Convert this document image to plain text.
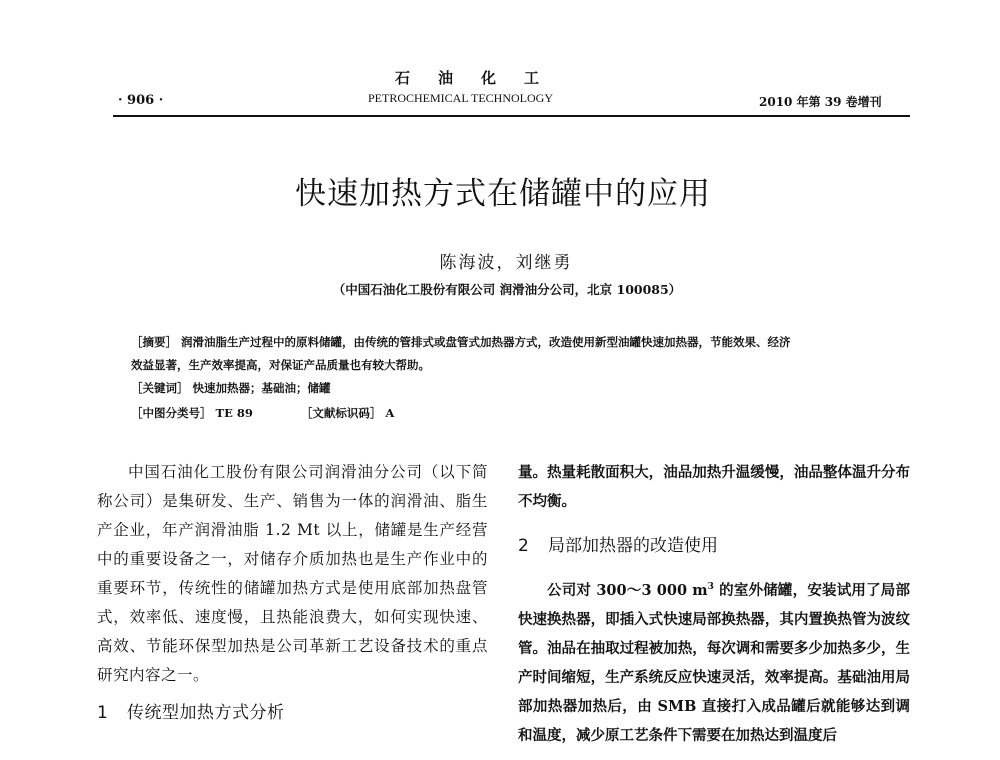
· 906 ·
石油化工
PETROCHEMICAL TECHNOLOGY	2010 年第 39 卷增刊
快速加热方式在储罐中的应用
陈海波，刘继勇
（中国石油化工股份有限公司 润滑油分公司，北京 100085）
［摘要］ 润滑油脂生产过程中的原料储罐，由传统的管排式或盘管式加热器方式，改造使用新型油罐快速加热器，节能效果、经济
效益显著，生产效率提高，对保证产品质量也有较大帮助。
［关键词］ 快速加热器；基础油；储罐
［中图分类号］ TE 89	［文献标识码］ A

中国石油化工股份有限公司润滑油分公司（以下简称公司）是集研发、生产、销售为一体的润滑油、脂生产企业，年产润滑油脂 1.2 Mt 以上，储罐是生产经营中的重要设备之一，对储存介质加热也是生产作业中的重要环节，传统性的储罐加热方式是使用底部加热盘管式，效率低、速度慢，且热能浪费大，如何实现快速、高效、节能环保型加热是公司革新工艺设备技术的重点研究内容之一。

1 传统型加热方式分析

量。热量耗散面积大，油品加热升温缓慢，油品整体温升分布不均衡。

2 局部加热器的改造使用

公司对 300～3 000 $m^3$ 的室外储罐，安装试用了局部快速换热器，即插入式快速局部换热器，其内置换热管为波纹管。油品在抽取过程被加热，每次调和需要多少加热多少，生产时间缩短，生产系统反应快速灵活，效率提高。基础油用局部加热器加热后，由 SMB 直接打入成品罐后就能够达到调和温度，减少原工艺条件下需要在加热达到温度后
